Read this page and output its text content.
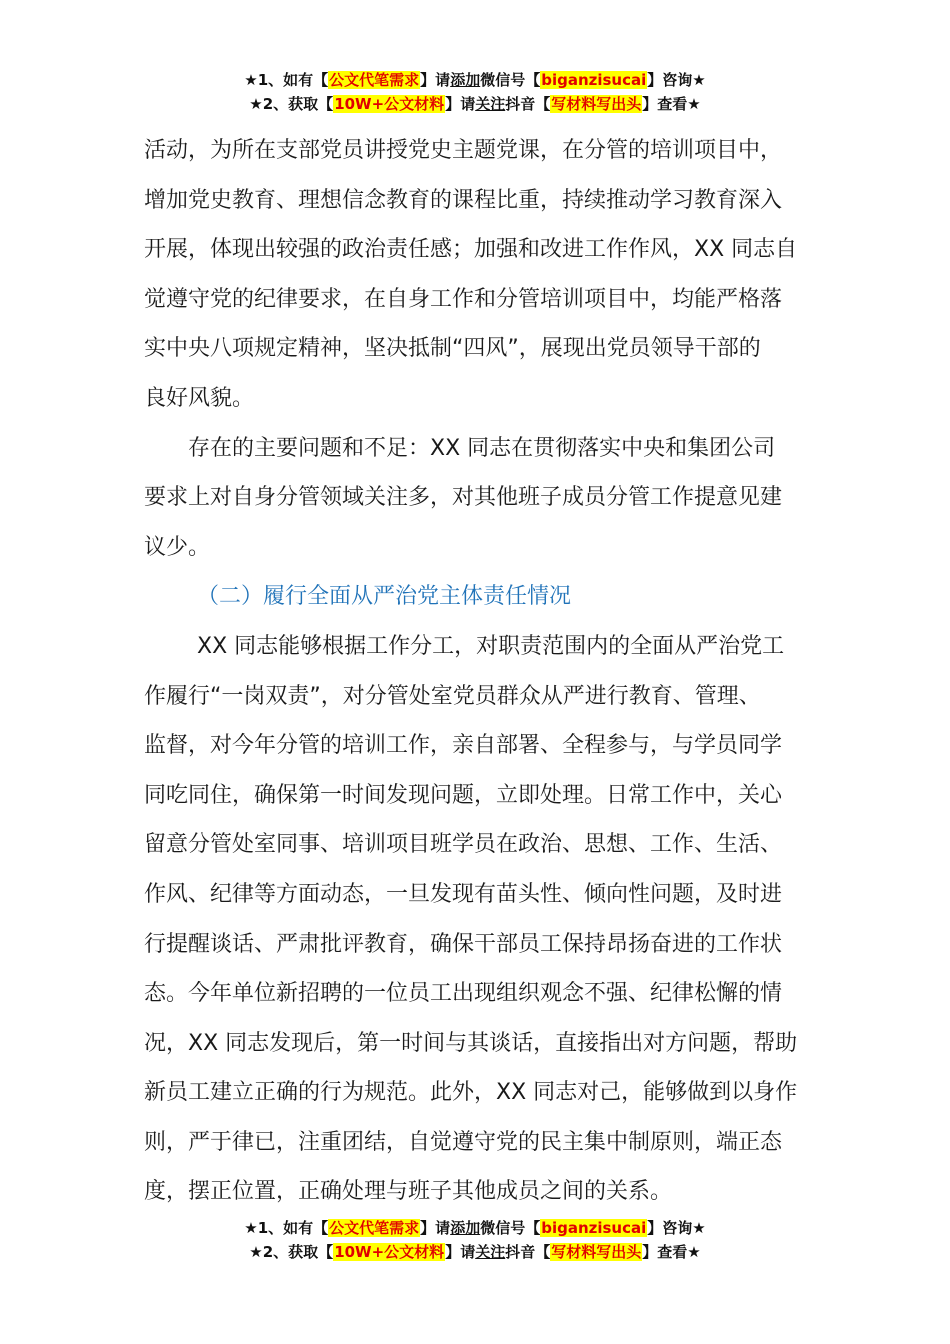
★1、如有【公文代笔需求】请添加微信号【biganzisucai】咨询★
★2、获取【10W+公文材料】请关注抖音【写材料写出头】查看★

活动，为所在支部党员讲授党史主题党课，在分管的培训项目中，
增加党史教育、理想信念教育的课程比重，持续推动学习教育深入
开展，体现出较强的政治责任感；加强和改进工作作风，XX 同志自
觉遵守党的纪律要求，在自身工作和分管培训项目中，均能严格落
实中央八项规定精神，坚决抵制“四风”，展现出党员领导干部的
良好风貌。

存在的主要问题和不足：XX 同志在贯彻落实中央和集团公司
要求上对自身分管领域关注多，对其他班子成员分管工作提意见建
议少。

（二）履行全面从严治党主体责任情况

XX 同志能够根据工作分工，对职责范围内的全面从严治党工
作履行“一岗双责”，对分管处室党员群众从严进行教育、管理、
监督，对今年分管的培训工作，亲自部署、全程参与，与学员同学
同吃同住，确保第一时间发现问题，立即处理。日常工作中，关心
留意分管处室同事、培训项目班学员在政治、思想、工作、生活、
作风、纪律等方面动态，一旦发现有苗头性、倾向性问题，及时进
行提醒谈话、严肃批评教育，确保干部员工保持昂扬奋进的工作状
态。今年单位新招聘的一位员工出现组织观念不强、纪律松懈的情
况，XX 同志发现后，第一时间与其谈话，直接指出对方问题，帮助
新员工建立正确的行为规范。此外，XX 同志对己，能够做到以身作
则，严于律已，注重团结，自觉遵守党的民主集中制原则，端正态
度，摆正位置，正确处理与班子其他成员之间的关系。

★1、如有【公文代笔需求】请添加微信号【biganzisucai】咨询★
★2、获取【10W+公文材料】请关注抖音【写材料写出头】查看★
